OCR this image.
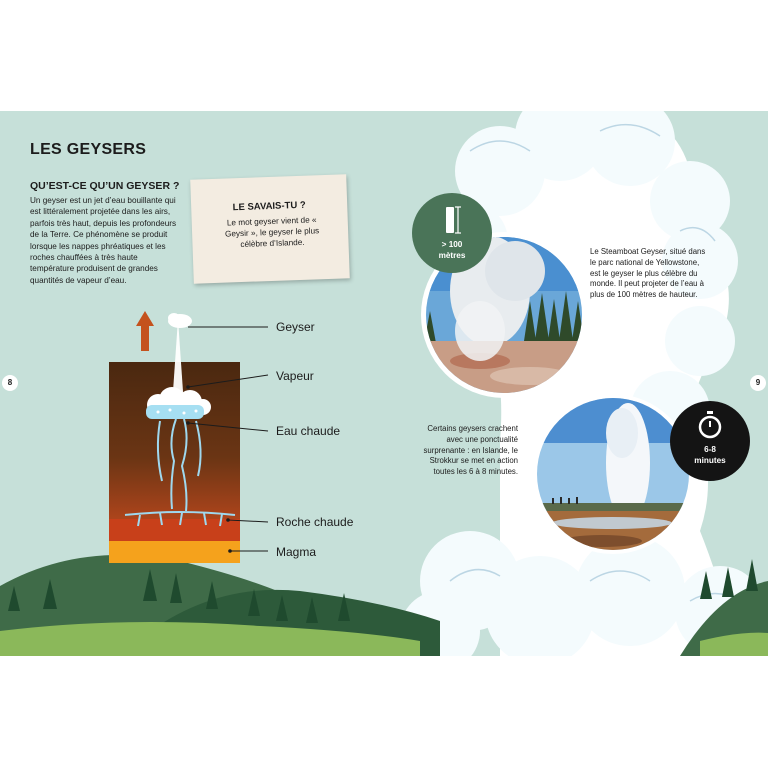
LES GEYSERS
QU’EST-CE QU’UN GEYSER ?
Un geyser est un jet d’eau bouillante qui est littéralement projetée dans les airs, parfois très haut, depuis les profondeurs de la Terre. Ce phénomène se produit lorsque les nappes phréatiques et les roches chauffées à très haute température produisent de grandes quantités de vapeur d’eau.
LE SAVAIS-TU ?
Le mot geyser vient de « Geysir », le geyser le plus célèbre d’Islande.
8	9
Geyser
Vapeur
Eau chaude
Roche chaude
Magma
> 100
mètres
6-8
minutes
Le Steamboat Geyser, situé dans le parc national de Yellowstone, est le geyser le plus célèbre du monde. Il peut projeter de l’eau à plus de 100 mètres de hauteur.
Certains geysers crachent avec une ponctualité surprenante : en Islande, le Strokkur se met en action toutes les 6 à 8 minutes.
